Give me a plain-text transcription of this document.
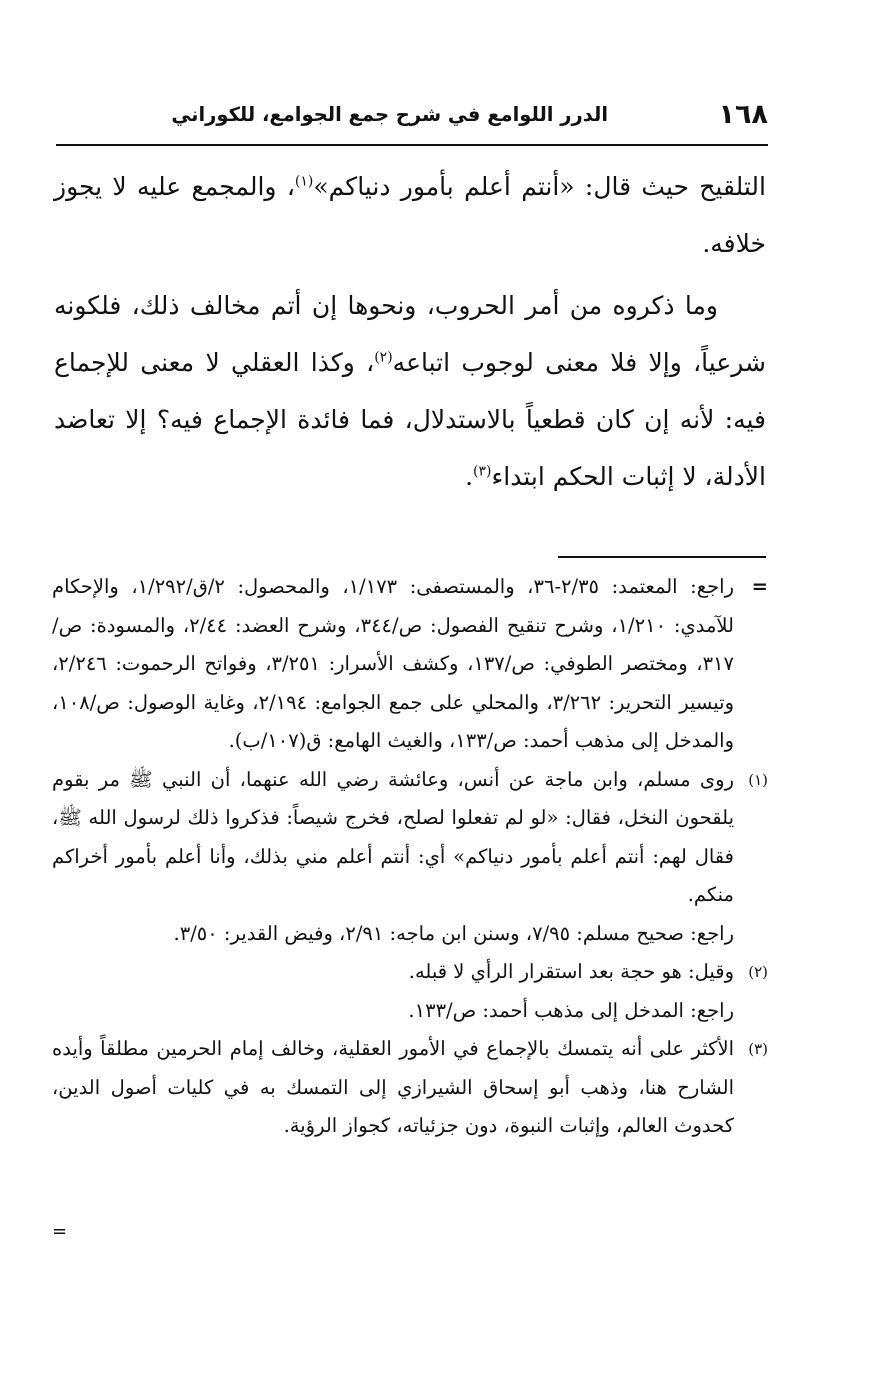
١٦٨
الدرر اللوامع في شرح جمع الجوامع، للكوراني

التلقيح حيث قال: «أنتم أعلم بأمور دنياكم»$^{(١)}$، والمجمع عليه لا يجوز خلافه.

وما ذكروه من أمر الحروب، ونحوها إن أتم مخالف ذلك، فلكونه شرعياً، وإلا فلا معنى لوجوب اتباعه$^{(٢)}$، وكذا العقلي لا معنى للإجماع فيه: لأنه إن كان قطعياً بالاستدلال، فما فائدة الإجماع فيه؟ إلا تعاضد الأدلة، لا إثبات الحكم ابتداء$^{(٣)}$.

=
راجع: المعتمد: ٢/٣٥-٣٦، والمستصفى: ١/١٧٣، والمحصول: ٢/ق/١/٢٩٢، والإحكام للآمدي: ١/٢١٠، وشرح تنقيح الفصول: ص/٣٤٤، وشرح العضد: ٢/٤٤، والمسودة: ص/٣١٧، ومختصر الطوفي: ص/١٣٧، وكشف الأسرار: ٣/٢٥١، وفواتح الرحموت: ٢/٢٤٦، وتيسير التحرير: ٣/٢٦٢، والمحلي على جمع الجوامع: ٢/١٩٤، وغاية الوصول: ص/١٠٨، والمدخل إلى مذهب أحمد: ص/١٣٣، والغيث الهامع: ق(١٠٧/ب).
(١)
روى مسلم، وابن ماجة عن أنس، وعائشة رضي الله عنهما، أن النبي ﷺ مر بقوم يلقحون النخل، فقال: «لو لم تفعلوا لصلح، فخرج شيصاً: فذكروا ذلك لرسول الله ﷺ، فقال لهم: أنتم أعلم بأمور دنياكم» أي: أنتم أعلم مني بذلك، وأنا أعلم بأمور أخراكم منكم.
راجع: صحيح مسلم: ٧/٩٥، وسنن ابن ماجه: ٢/٩١، وفيض القدير: ٣/٥٠.
(٢)
وقيل: هو حجة بعد استقرار الرأي لا قبله.
راجع: المدخل إلى مذهب أحمد: ص/١٣٣.
(٣)
الأكثر على أنه يتمسك بالإجماع في الأمور العقلية، وخالف إمام الحرمين مطلقاً وأيده الشارح هنا، وذهب أبو إسحاق الشيرازي إلى التمسك به في كليات أصول الدين، كحدوث العالم، وإثبات النبوة، دون جزئياته، كجواز الرؤية.
=
